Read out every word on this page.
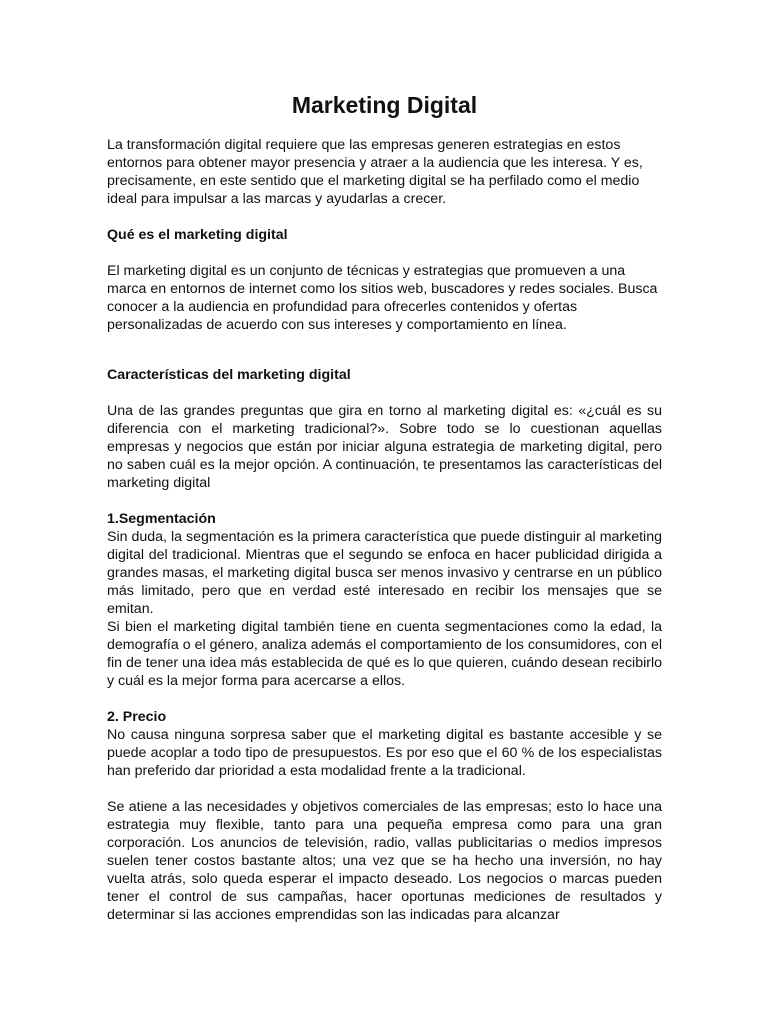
Marketing Digital

La transformación digital requiere que las empresas generen estrategias en estos entornos para obtener mayor presencia y atraer a la audiencia que les interesa. Y es, precisamente, en este sentido que el marketing digital se ha perfilado como el medio ideal para impulsar a las marcas y ayudarlas a crecer.

Qué es el marketing digital

El marketing digital es un conjunto de técnicas y estrategias que promueven a una marca en entornos de internet como los sitios web, buscadores y redes sociales. Busca conocer a la audiencia en profundidad para ofrecerles contenidos y ofertas personalizadas de acuerdo con sus intereses y comportamiento en línea.

Características del marketing digital

Una de las grandes preguntas que gira en torno al marketing digital es: «¿cuál es su diferencia con el marketing tradicional?». Sobre todo se lo cuestionan aquellas empresas y negocios que están por iniciar alguna estrategia de marketing digital, pero no saben cuál es la mejor opción. A continuación, te presentamos las características del marketing digital

1.Segmentación

Sin duda, la segmentación es la primera característica que puede distinguir al marketing digital del tradicional. Mientras que el segundo se enfoca en hacer publicidad dirigida a grandes masas, el marketing digital busca ser menos invasivo y centrarse en un público más limitado, pero que en verdad esté interesado en recibir los mensajes que se emitan.

Si bien el marketing digital también tiene en cuenta segmentaciones como la edad, la demografía o el género, analiza además el comportamiento de los consumidores, con el fin de tener una idea más establecida de qué es lo que quieren, cuándo desean recibirlo y cuál es la mejor forma para acercarse a ellos.

2. Precio

No causa ninguna sorpresa saber que el marketing digital es bastante accesible y se puede acoplar a todo tipo de presupuestos. Es por eso que el 60 % de los especialistas han preferido dar prioridad a esta modalidad frente a la tradicional.

Se atiene a las necesidades y objetivos comerciales de las empresas; esto lo hace una estrategia muy flexible, tanto para una pequeña empresa como para una gran corporación. Los anuncios de televisión, radio, vallas publicitarias o medios impresos suelen tener costos bastante altos; una vez que se ha hecho una inversión, no hay vuelta atrás, solo queda esperar el impacto deseado. Los negocios o marcas pueden tener el control de sus campañas, hacer oportunas mediciones de resultados y determinar si las acciones emprendidas son las indicadas para alcanzar
